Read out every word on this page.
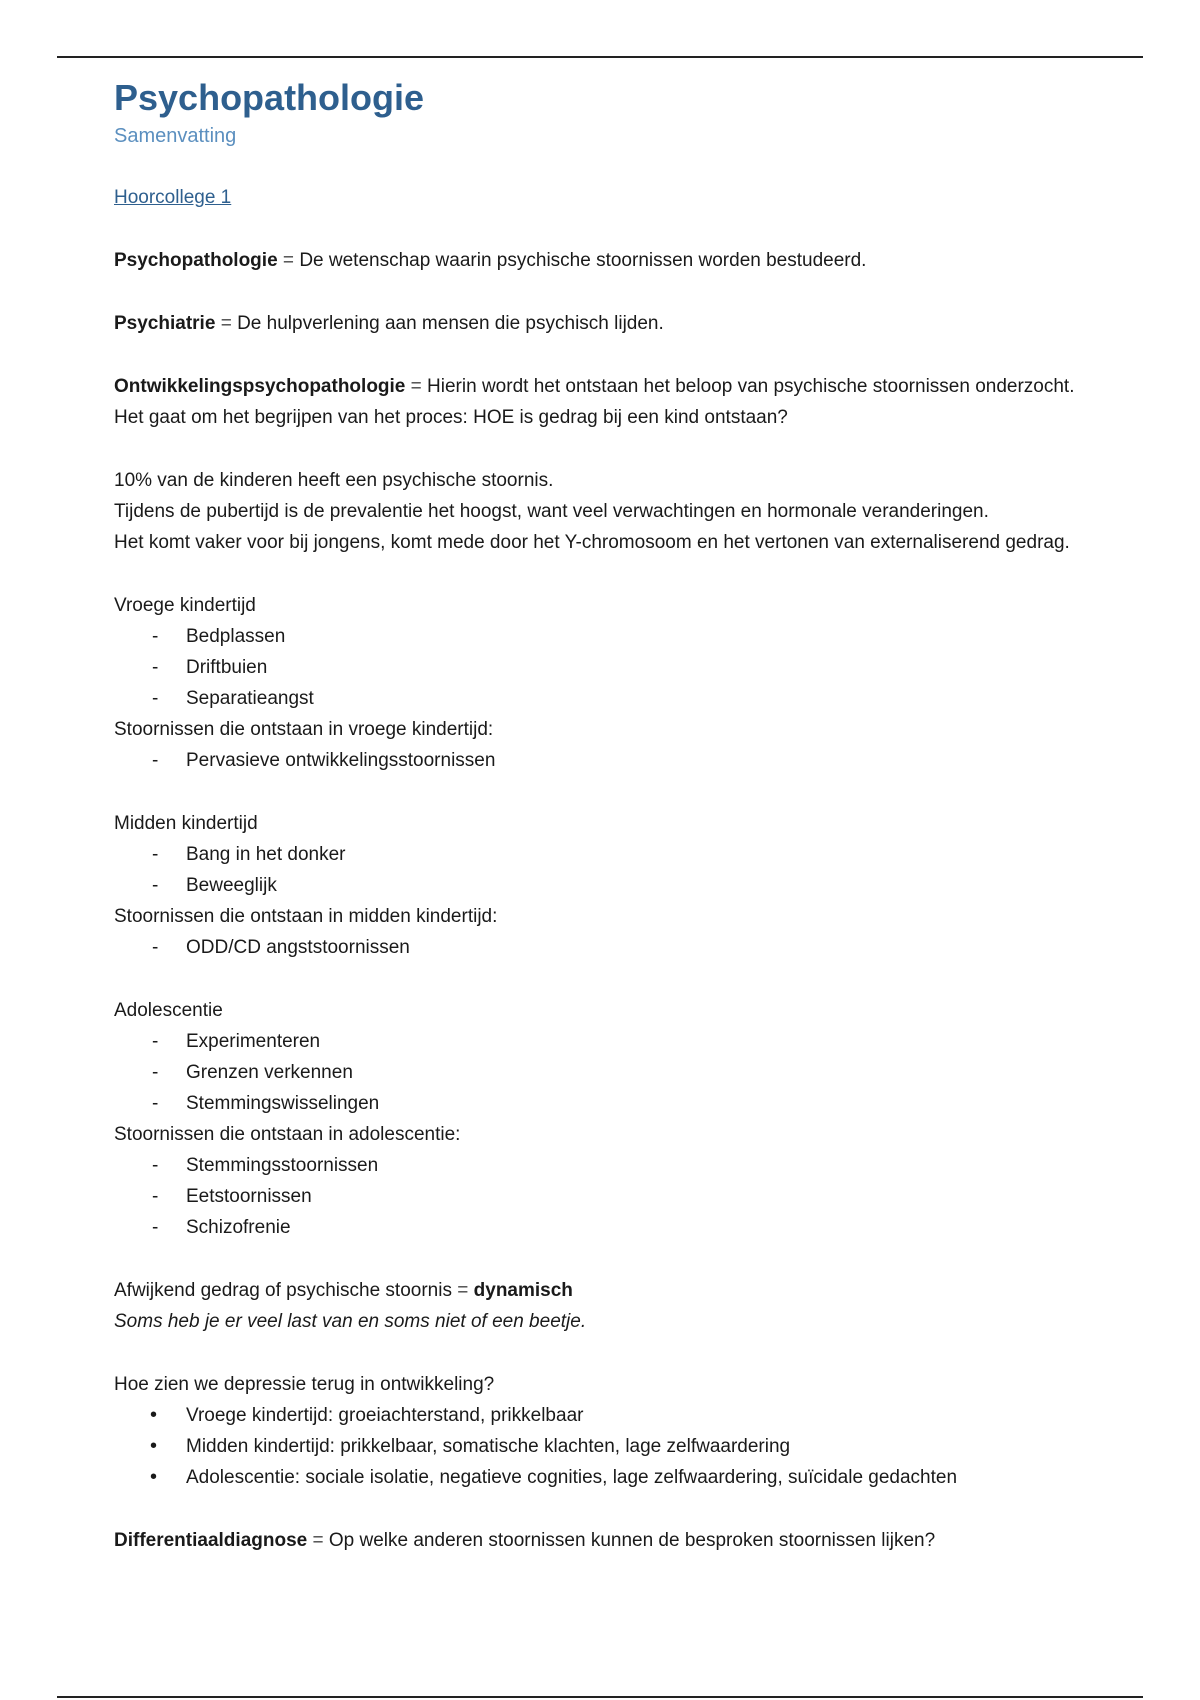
Psychopathologie
Samenvatting
Hoorcollege 1

Psychopathologie = De wetenschap waarin psychische stoornissen worden bestudeerd.

Psychiatrie = De hulpverlening aan mensen die psychisch lijden.

Ontwikkelingspsychopathologie = Hierin wordt het ontstaan het beloop van psychische stoornissen onderzocht. Het gaat om het begrijpen van het proces: HOE is gedrag bij een kind ontstaan?

10% van de kinderen heeft een psychische stoornis.
Tijdens de pubertijd is de prevalentie het hoogst, want veel verwachtingen en hormonale veranderingen.
Het komt vaker voor bij jongens, komt mede door het Y-chromosoom en het vertonen van externaliserend gedrag.
Vroege kindertijd
- Bedplassen
- Driftbuien
- Separatieangst
Stoornissen die ontstaan in vroege kindertijd:
- Pervasieve ontwikkelingsstoornissen
Midden kindertijd
- Bang in het donker
- Beweeglijk
Stoornissen die ontstaan in midden kindertijd:
- ODD/CD angststoornissen
Adolescentie
- Experimenteren
- Grenzen verkennen
- Stemmingswisselingen
Stoornissen die ontstaan in adolescentie:
- Stemmingsstoornissen
- Eetstoornissen
- Schizofrenie
Afwijkend gedrag of psychische stoornis = dynamisch
Soms heb je er veel last van en soms niet of een beetje.
Hoe zien we depressie terug in ontwikkeling?
• Vroege kindertijd: groeiachterstand, prikkelbaar
• Midden kindertijd: prikkelbaar, somatische klachten, lage zelfwaardering
• Adolescentie: sociale isolatie, negatieve cognities, lage zelfwaardering, suïcidale gedachten

Differentiaaldiagnose = Op welke anderen stoornissen kunnen de besproken stoornissen lijken?
